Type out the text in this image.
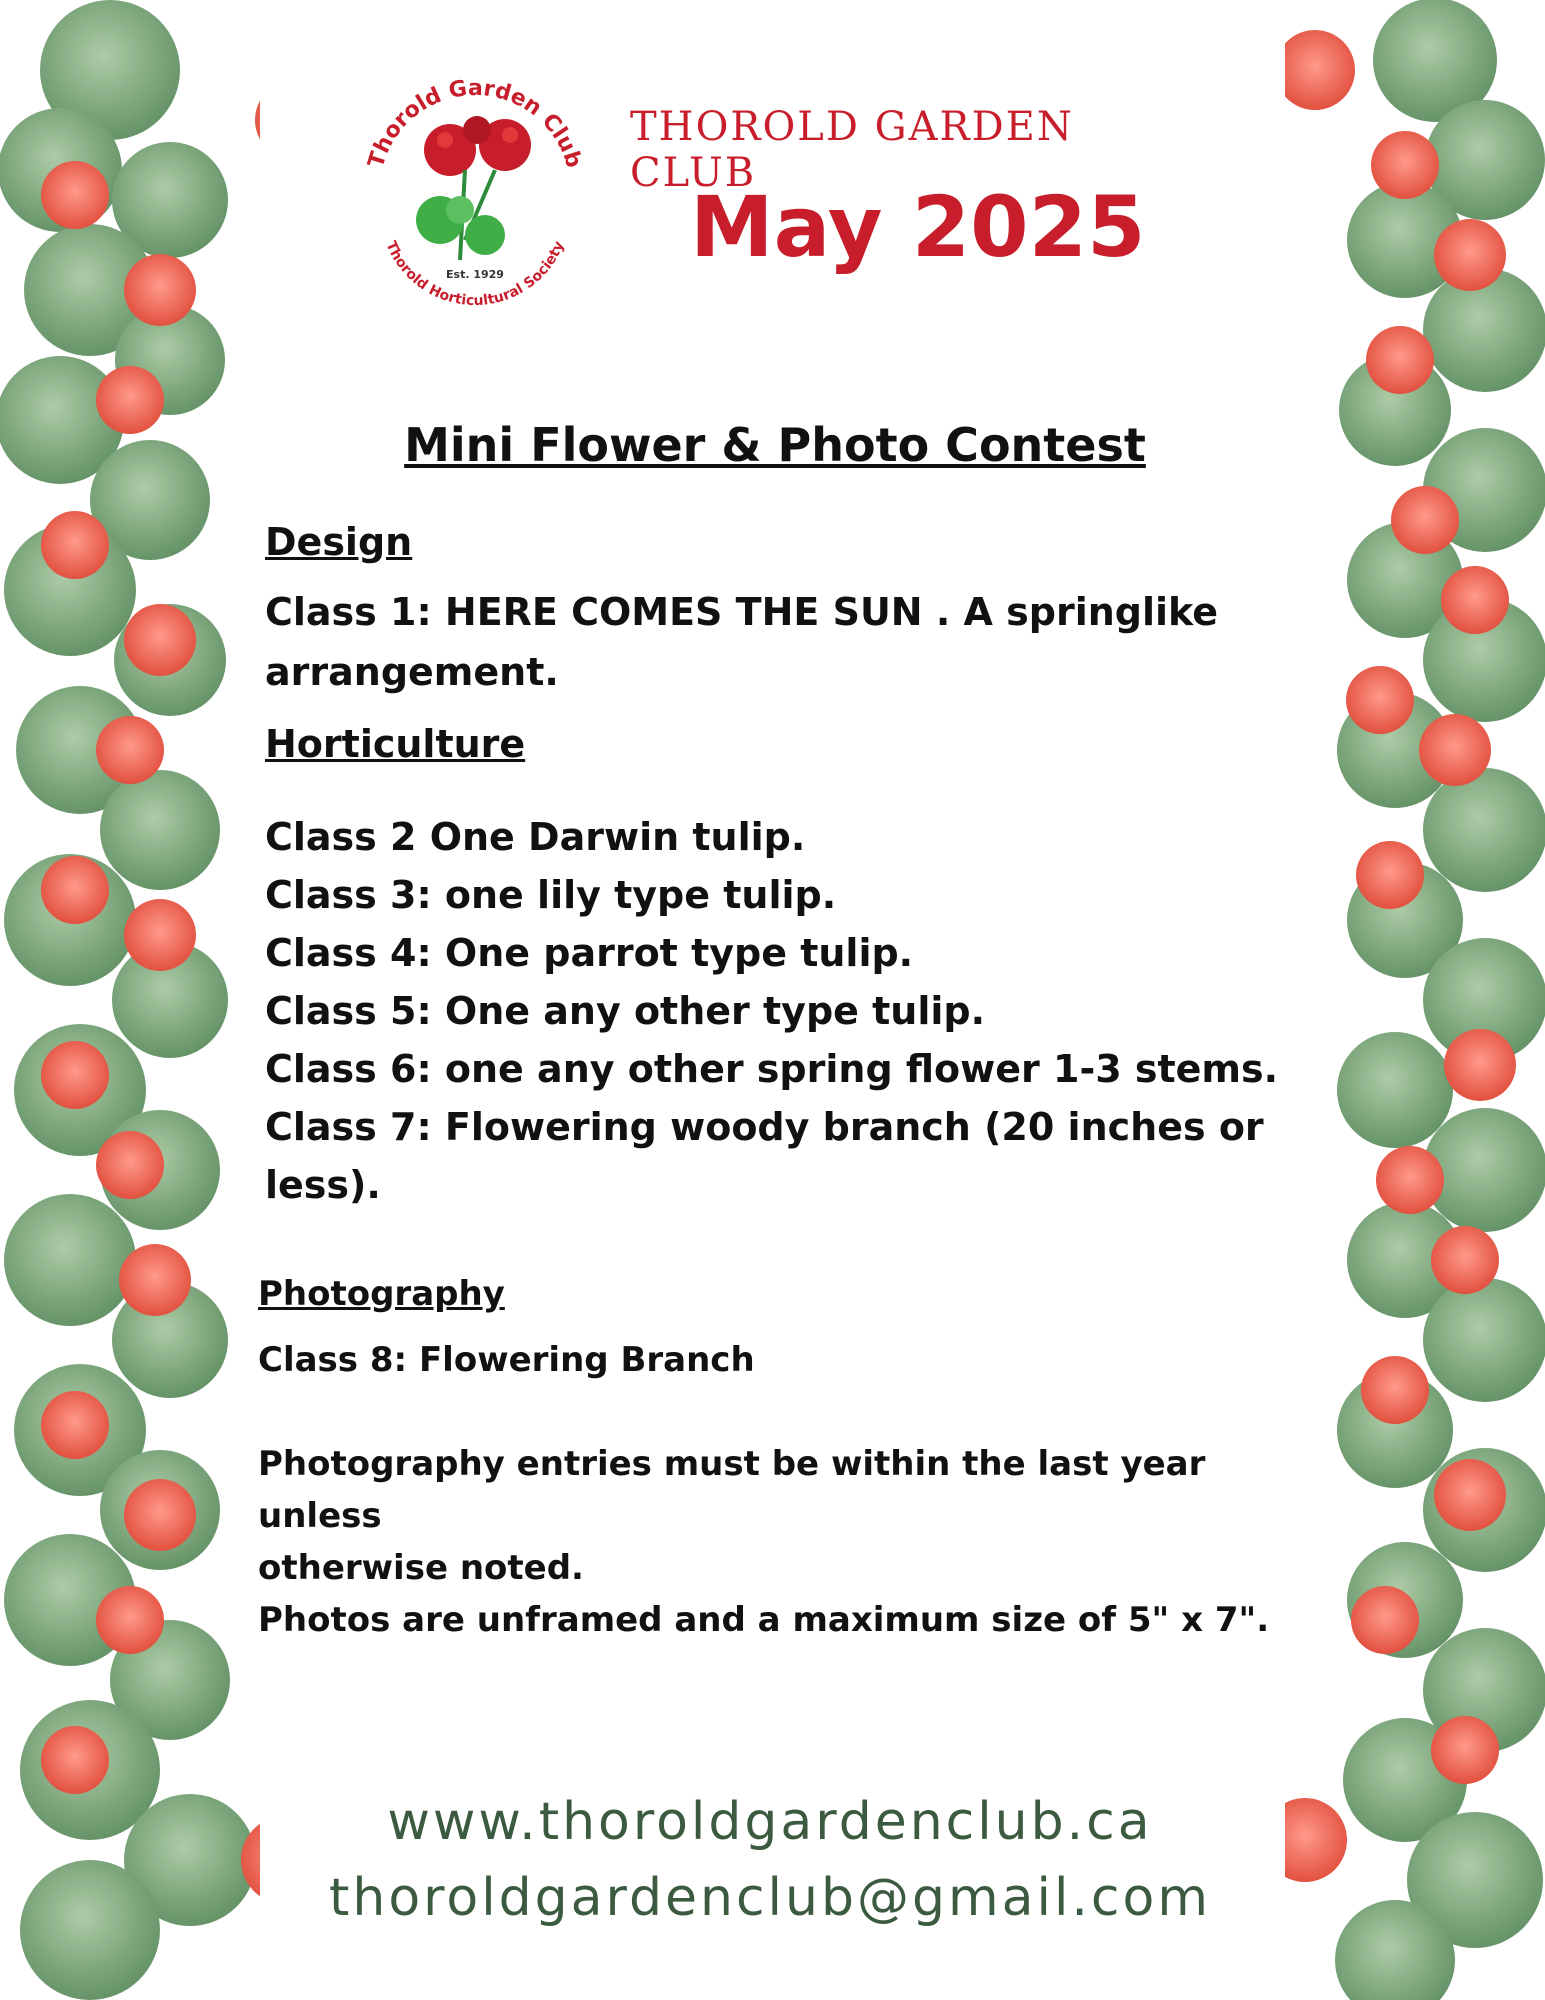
Thorold Garden Club
Thorold Horticultural Society
Est. 1929
THOROLD GARDEN CLUB
May 2025
Mini Flower & Photo Contest

Design

Class 1: HERE COMES THE SUN . A springlike

arrangement.

Horticulture

Class 2 One Darwin tulip.

Class 3: one lily type tulip.

Class 4: One parrot type tulip.

Class 5: One any other type tulip.

Class 6: one any other spring flower 1-3 stems.

Class 7: Flowering woody branch (20 inches or less).

Photography

Class 8: Flowering Branch

Photography entries must be within the last year unless

otherwise noted.

Photos are unframed and a maximum size of 5" x 7".

www.thoroldgardenclub.ca
thoroldgardenclub@gmail.com
